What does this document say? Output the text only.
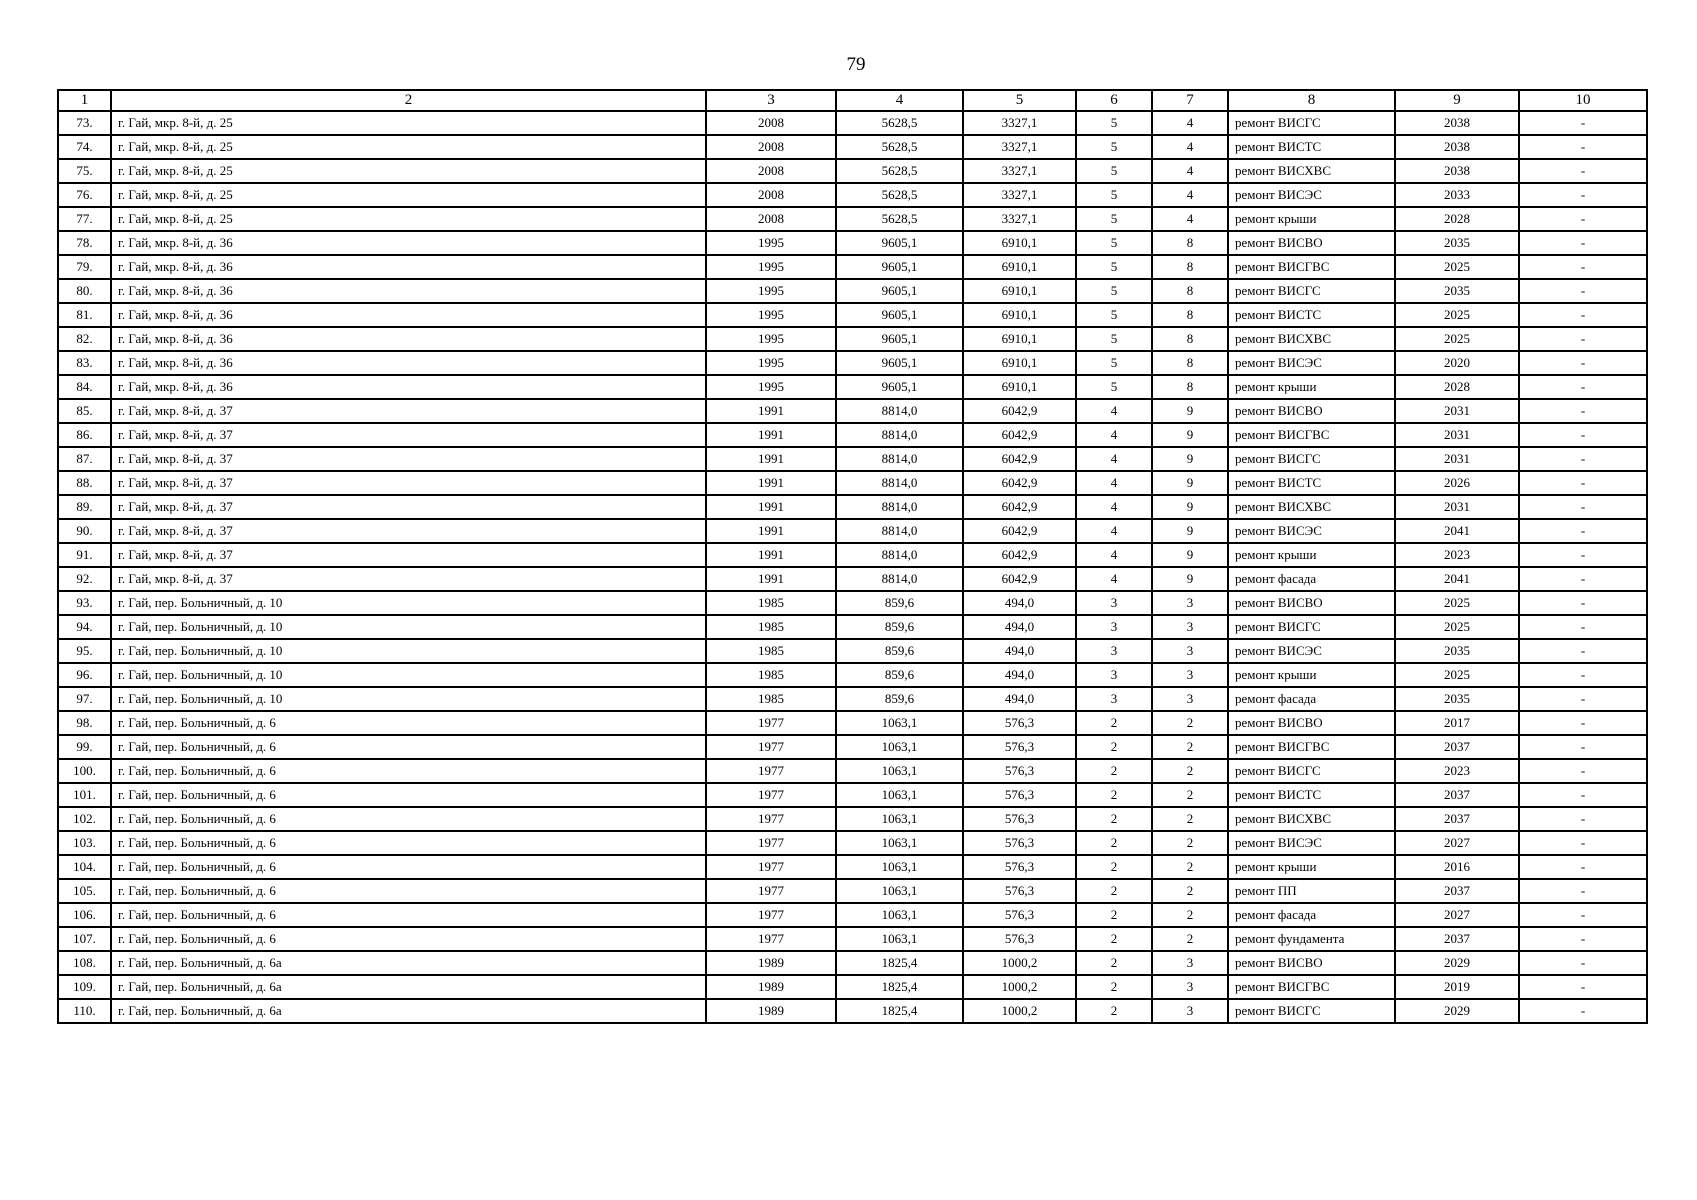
79
1	2	3	4	5	6	7	8	9	10
73.	г. Гай, мкр. 8-й, д. 25	2008	5628,5	3327,1	5	4	ремонт ВИСГС	2038	-
74.	г. Гай, мкр. 8-й, д. 25	2008	5628,5	3327,1	5	4	ремонт ВИСТС	2038	-
75.	г. Гай, мкр. 8-й, д. 25	2008	5628,5	3327,1	5	4	ремонт ВИСХВС	2038	-
76.	г. Гай, мкр. 8-й, д. 25	2008	5628,5	3327,1	5	4	ремонт ВИСЭС	2033	-
77.	г. Гай, мкр. 8-й, д. 25	2008	5628,5	3327,1	5	4	ремонт крыши	2028	-
78.	г. Гай, мкр. 8-й, д. 36	1995	9605,1	6910,1	5	8	ремонт ВИСВО	2035	-
79.	г. Гай, мкр. 8-й, д. 36	1995	9605,1	6910,1	5	8	ремонт ВИСГВС	2025	-
80.	г. Гай, мкр. 8-й, д. 36	1995	9605,1	6910,1	5	8	ремонт ВИСГС	2035	-
81.	г. Гай, мкр. 8-й, д. 36	1995	9605,1	6910,1	5	8	ремонт ВИСТС	2025	-
82.	г. Гай, мкр. 8-й, д. 36	1995	9605,1	6910,1	5	8	ремонт ВИСХВС	2025	-
83.	г. Гай, мкр. 8-й, д. 36	1995	9605,1	6910,1	5	8	ремонт ВИСЭС	2020	-
84.	г. Гай, мкр. 8-й, д. 36	1995	9605,1	6910,1	5	8	ремонт крыши	2028	-
85.	г. Гай, мкр. 8-й, д. 37	1991	8814,0	6042,9	4	9	ремонт ВИСВО	2031	-
86.	г. Гай, мкр. 8-й, д. 37	1991	8814,0	6042,9	4	9	ремонт ВИСГВС	2031	-
87.	г. Гай, мкр. 8-й, д. 37	1991	8814,0	6042,9	4	9	ремонт ВИСГС	2031	-
88.	г. Гай, мкр. 8-й, д. 37	1991	8814,0	6042,9	4	9	ремонт ВИСТС	2026	-
89.	г. Гай, мкр. 8-й, д. 37	1991	8814,0	6042,9	4	9	ремонт ВИСХВС	2031	-
90.	г. Гай, мкр. 8-й, д. 37	1991	8814,0	6042,9	4	9	ремонт ВИСЭС	2041	-
91.	г. Гай, мкр. 8-й, д. 37	1991	8814,0	6042,9	4	9	ремонт крыши	2023	-
92.	г. Гай, мкр. 8-й, д. 37	1991	8814,0	6042,9	4	9	ремонт фасада	2041	-
93.	г. Гай, пер. Больничный, д. 10	1985	859,6	494,0	3	3	ремонт ВИСВО	2025	-
94.	г. Гай, пер. Больничный, д. 10	1985	859,6	494,0	3	3	ремонт ВИСГС	2025	-
95.	г. Гай, пер. Больничный, д. 10	1985	859,6	494,0	3	3	ремонт ВИСЭС	2035	-
96.	г. Гай, пер. Больничный, д. 10	1985	859,6	494,0	3	3	ремонт крыши	2025	-
97.	г. Гай, пер. Больничный, д. 10	1985	859,6	494,0	3	3	ремонт фасада	2035	-
98.	г. Гай, пер. Больничный, д. 6	1977	1063,1	576,3	2	2	ремонт ВИСВО	2017	-
99.	г. Гай, пер. Больничный, д. 6	1977	1063,1	576,3	2	2	ремонт ВИСГВС	2037	-
100.	г. Гай, пер. Больничный, д. 6	1977	1063,1	576,3	2	2	ремонт ВИСГС	2023	-
101.	г. Гай, пер. Больничный, д. 6	1977	1063,1	576,3	2	2	ремонт ВИСТС	2037	-
102.	г. Гай, пер. Больничный, д. 6	1977	1063,1	576,3	2	2	ремонт ВИСХВС	2037	-
103.	г. Гай, пер. Больничный, д. 6	1977	1063,1	576,3	2	2	ремонт ВИСЭС	2027	-
104.	г. Гай, пер. Больничный, д. 6	1977	1063,1	576,3	2	2	ремонт крыши	2016	-
105.	г. Гай, пер. Больничный, д. 6	1977	1063,1	576,3	2	2	ремонт ПП	2037	-
106.	г. Гай, пер. Больничный, д. 6	1977	1063,1	576,3	2	2	ремонт фасада	2027	-
107.	г. Гай, пер. Больничный, д. 6	1977	1063,1	576,3	2	2	ремонт фундамента	2037	-
108.	г. Гай, пер. Больничный, д. 6а	1989	1825,4	1000,2	2	3	ремонт ВИСВО	2029	-
109.	г. Гай, пер. Больничный, д. 6а	1989	1825,4	1000,2	2	3	ремонт ВИСГВС	2019	-
110.	г. Гай, пер. Больничный, д. 6а	1989	1825,4	1000,2	2	3	ремонт ВИСГС	2029	-
